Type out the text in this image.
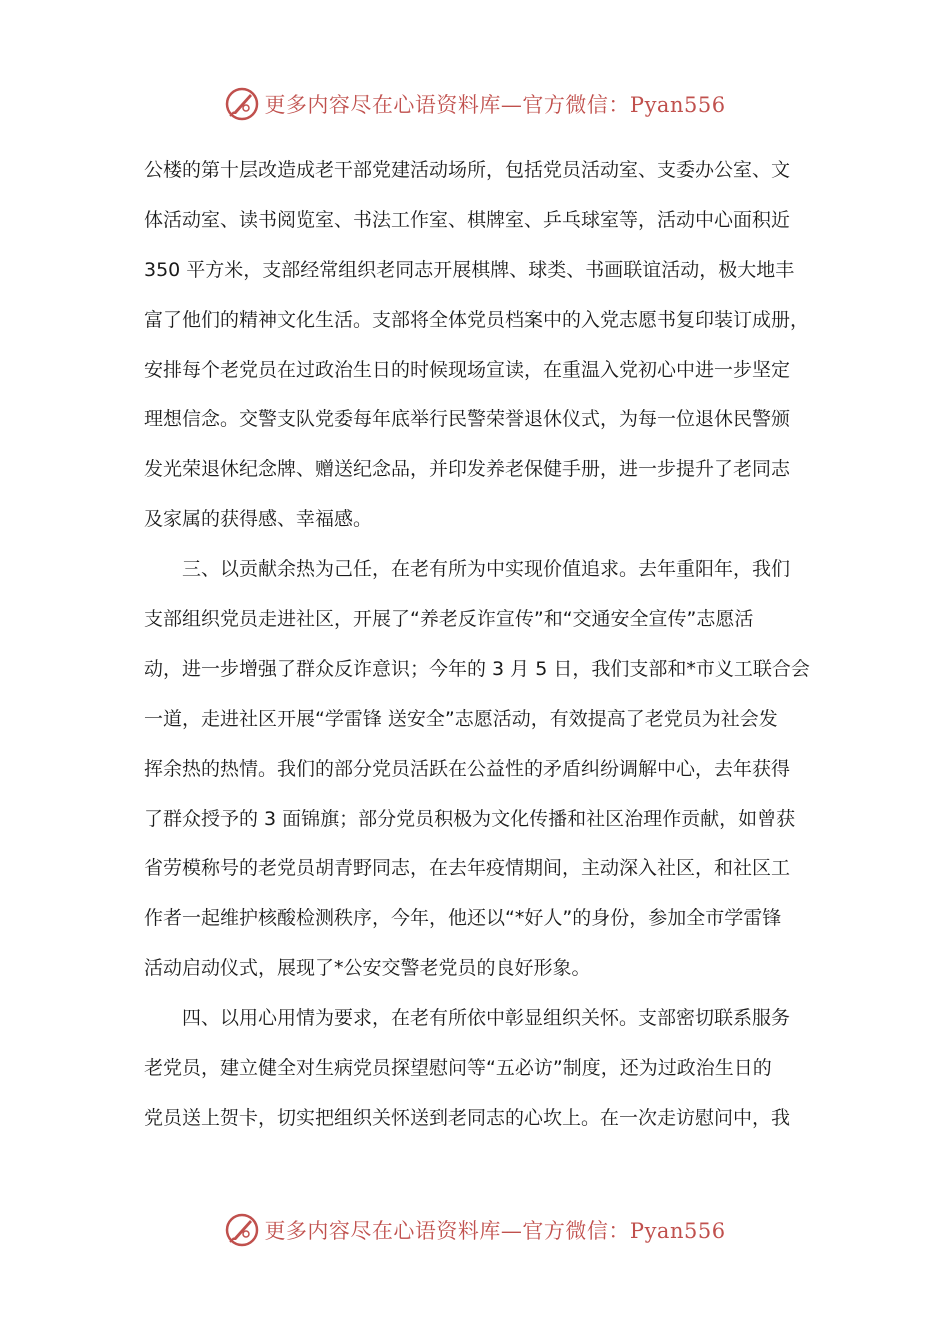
更多内容尽在心语资料库—官方微信：Pyan556
公楼的第十层改造成老干部党建活动场所，包括党员活动室、支委办公室、文
体活动室、读书阅览室、书法工作室、棋牌室、乒乓球室等，活动中心面积近
350 平方米，支部经常组织老同志开展棋牌、球类、书画联谊活动，极大地丰
富了他们的精神文化生活。支部将全体党员档案中的入党志愿书复印装订成册，
安排每个老党员在过政治生日的时候现场宣读，在重温入党初心中进一步坚定
理想信念。交警支队党委每年底举行民警荣誉退休仪式，为每一位退休民警颁
发光荣退休纪念牌、赠送纪念品，并印发养老保健手册，进一步提升了老同志
及家属的获得感、幸福感。
　　三、以贡献余热为己任，在老有所为中实现价值追求。去年重阳年，我们
支部组织党员走进社区，开展了“养老反诈宣传”和“交通安全宣传”志愿活
动，进一步增强了群众反诈意识；今年的 3 月 5 日，我们支部和*市义工联合会
一道，走进社区开展“学雷锋 送安全”志愿活动，有效提高了老党员为社会发
挥余热的热情。我们的部分党员活跃在公益性的矛盾纠纷调解中心，去年获得
了群众授予的 3 面锦旗；部分党员积极为文化传播和社区治理作贡献，如曾获
省劳模称号的老党员胡青野同志，在去年疫情期间，主动深入社区，和社区工
作者一起维护核酸检测秩序，今年，他还以“*好人”的身份，参加全市学雷锋
活动启动仪式，展现了*公安交警老党员的良好形象。
　　四、以用心用情为要求，在老有所依中彰显组织关怀。支部密切联系服务
老党员，建立健全对生病党员探望慰问等“五必访”制度，还为过政治生日的
党员送上贺卡，切实把组织关怀送到老同志的心坎上。在一次走访慰问中，我
更多内容尽在心语资料库—官方微信：Pyan556
